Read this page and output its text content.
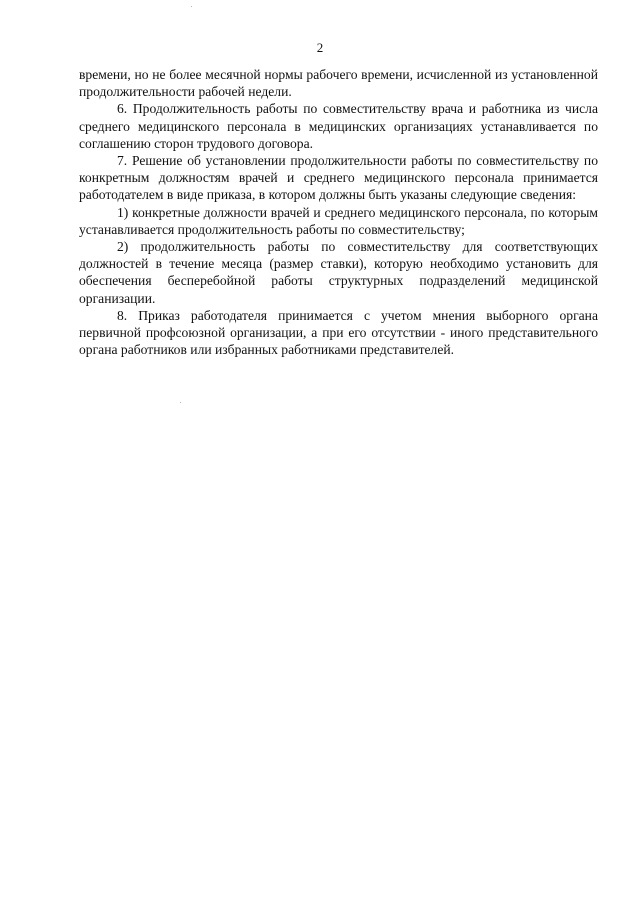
2

времени, но не более месячной нормы рабочего времени, исчисленной из установленной продолжительности рабочей недели.

6. Продолжительность работы по совместительству врача и работника из числа среднего медицинского персонала в медицинских организациях устанавливается по соглашению сторон трудового договора.

7. Решение об установлении продолжительности работы по совместительству по конкретным должностям врачей и среднего медицинского персонала принимается работодателем в виде приказа, в котором должны быть указаны следующие сведения:

1) конкретные должности врачей и среднего медицинского персонала, по которым устанавливается продолжительность работы по совместительству;

2) продолжительность работы по совместительству для соответствующих должностей в течение месяца (размер ставки), которую необходимо установить для обеспечения бесперебойной работы структурных подразделений медицинской организации.

8. Приказ работодателя принимается с учетом мнения выборного органа первичной профсоюзной организации, а при его отсутствии - иного представительного органа работников или избранных работниками представителей.
